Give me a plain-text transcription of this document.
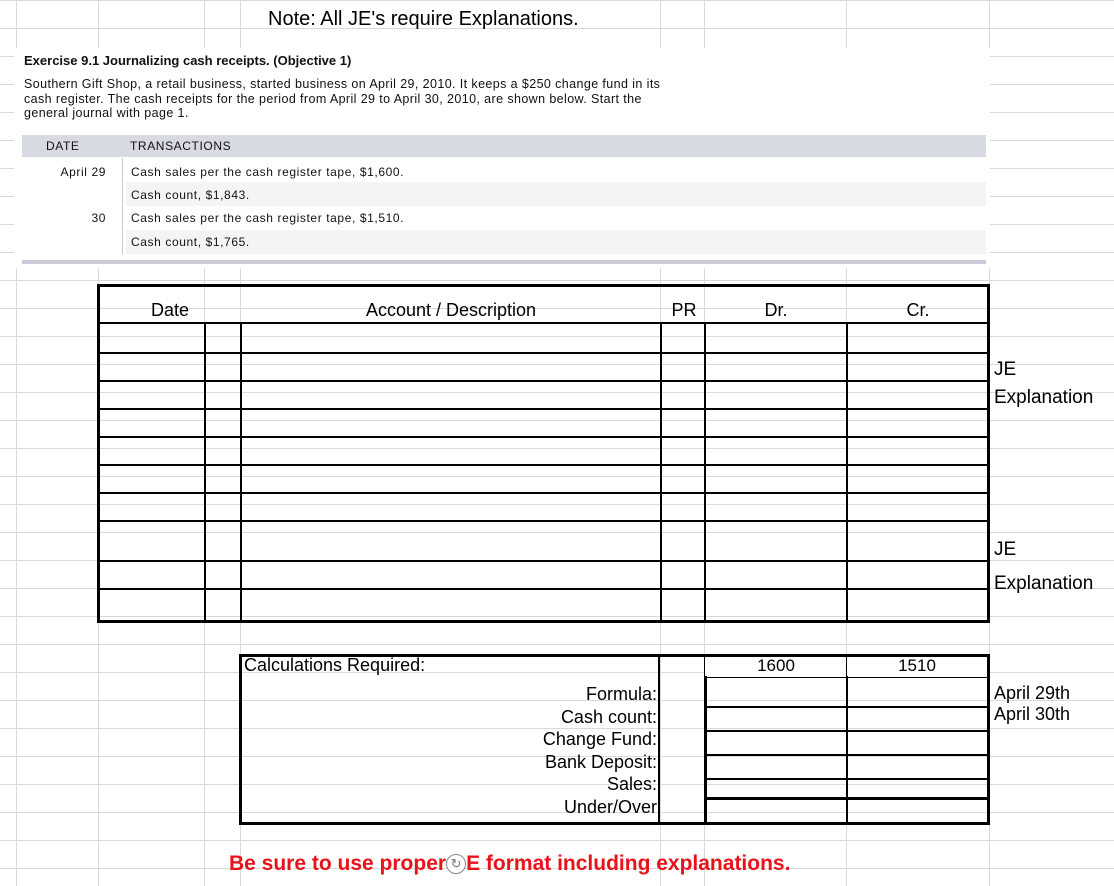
Note: All JE's require Explanations.
Exercise 9.1 Journalizing cash receipts. (Objective 1)
Southern Gift Shop, a retail business, started business on April 29, 2010. It keeps a $250 change fund in its
cash register. The cash receipts for the period from April 29 to April 30, 2010, are shown below. Start the
general journal with page 1.
DATE	TRANSACTIONS
April 29 Cash sales per the cash register tape, $1,600.
Cash count, $1,843.
30 Cash sales per the cash register tape, $1,510.
Cash count, $1,765.
Date	Account / Description	PR	Dr.	Cr.
JE
Explanation
JE
Explanation
Calculations Required:	1600	1510
Formula:
Cash count:
Change Fund:
Bank Deposit:
Sales:
Under/Over
April 29th
April 30th
Be sure to use proper ↻ E format including explanations.
